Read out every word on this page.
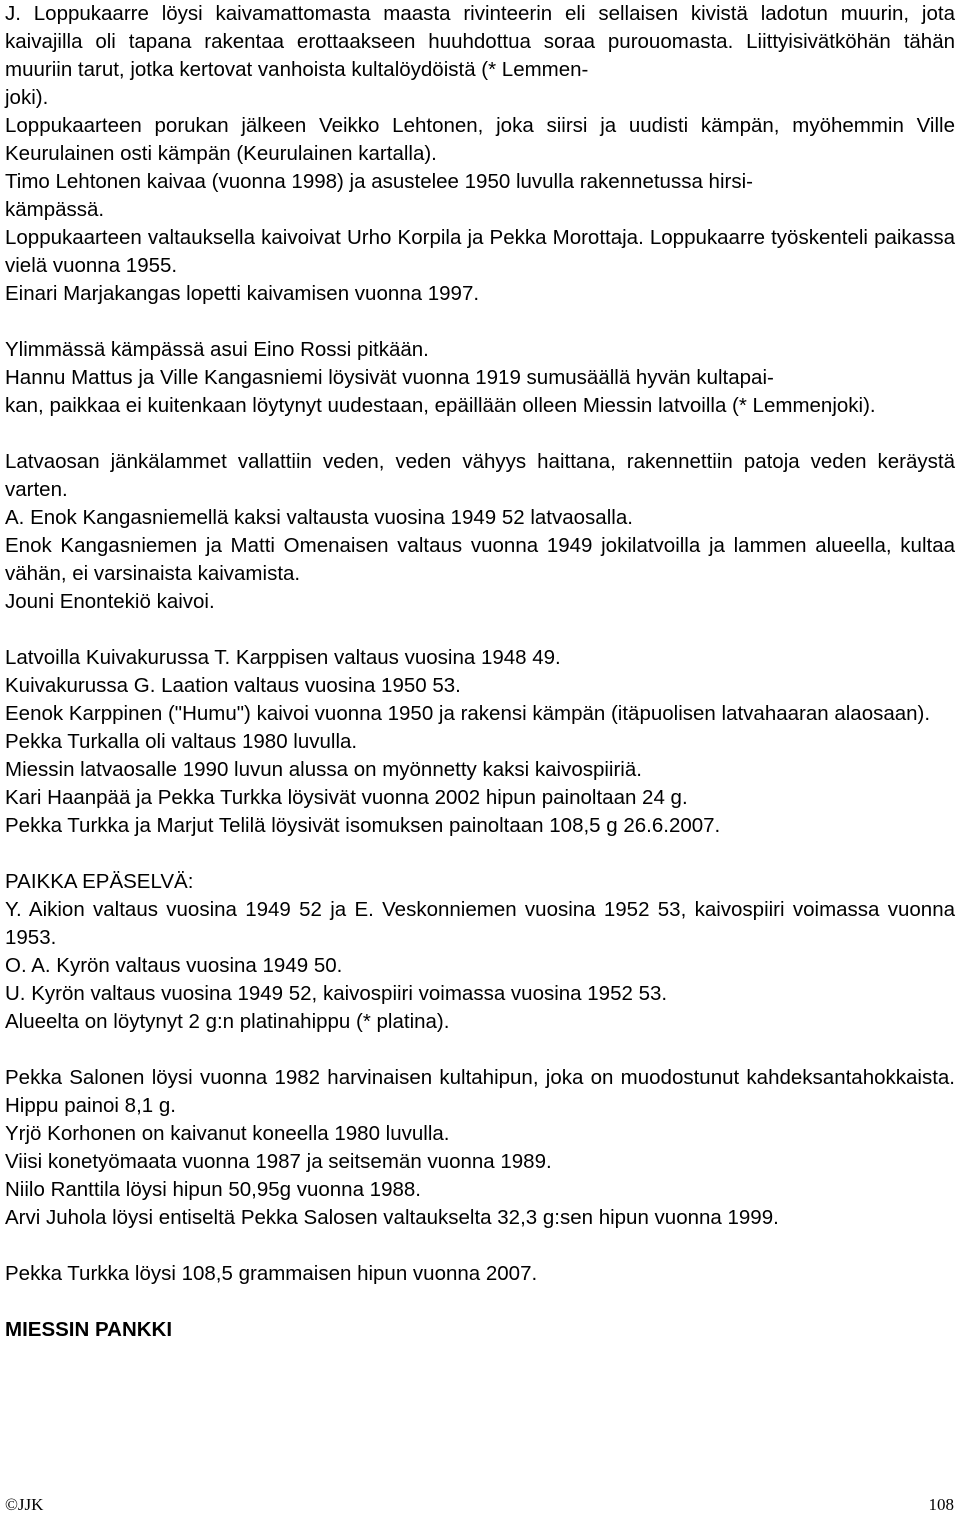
J. Loppukaarre löysi kaivamattomasta maasta rivinteerin eli sellaisen kivistä ladotun muurin, jota kaivajilla oli tapana rakentaa erottaakseen huuhdottua soraa purouomasta. Liittyisivätköhän tähän muuriin tarut, jotka kertovat vanhoista kultalöydöistä (* Lemmen-
joki).

Loppukaarteen porukan jälkeen Veikko Lehtonen, joka siirsi ja uudisti kämpän, myöhemmin Ville Keurulainen osti kämpän (Keurulainen kartalla).

Timo Lehtonen kaivaa (vuonna 1998) ja asustelee 1950 luvulla rakennetussa hirsi-
kämpässä.

Loppukaarteen valtauksella kaivoivat Urho Korpila ja Pekka Morottaja. Loppukaarre työskenteli paikassa vielä vuonna 1955.

Einari Marjakangas lopetti kaivamisen vuonna 1997.

Ylimmässä kämpässä asui Eino Rossi pitkään.

Hannu Mattus ja Ville Kangasniemi löysivät vuonna 1919 sumusäällä hyvän kultapai-
kan, paikkaa ei kuitenkaan löytynyt uudestaan, epäillään olleen Miessin latvoilla (* Lemmenjoki).

Latvaosan jänkälammet vallattiin veden, veden vähyys haittana, rakennettiin patoja veden keräystä varten.

A. Enok Kangasniemellä kaksi valtausta vuosina 1949 52 latvaosalla.

Enok Kangasniemen ja Matti Omenaisen valtaus vuonna 1949 jokilatvoilla ja lammen alueella, kultaa vähän, ei varsinaista kaivamista.

Jouni Enontekiö kaivoi.

Latvoilla Kuivakurussa T. Karppisen valtaus vuosina 1948 49.

Kuivakurussa G. Laation valtaus vuosina 1950 53.

Eenok Karppinen ("Humu") kaivoi vuonna 1950 ja rakensi kämpän (itäpuolisen latvahaaran alaosaan).

Pekka Turkalla oli valtaus 1980 luvulla.

Miessin latvaosalle 1990 luvun alussa on myönnetty kaksi kaivospiiriä.

Kari Haanpää ja Pekka Turkka löysivät vuonna 2002 hipun painoltaan 24 g.

Pekka Turkka ja Marjut Telilä löysivät isomuksen painoltaan 108,5 g 26.6.2007.

PAIKKA EPÄSELVÄ:

Y. Aikion valtaus vuosina 1949 52 ja E. Veskonniemen vuosina 1952 53, kaivospiiri voimassa vuonna 1953.

O. A. Kyrön valtaus vuosina 1949 50.

U. Kyrön valtaus vuosina 1949 52, kaivospiiri voimassa vuosina 1952 53.

Alueelta on löytynyt 2 g:n platinahippu (* platina).

Pekka Salonen löysi vuonna 1982 harvinaisen kultahipun, joka on muodostunut kahdeksantahokkaista. Hippu painoi 8,1 g.

Yrjö Korhonen on kaivanut koneella 1980 luvulla.

Viisi konetyömaata vuonna 1987 ja seitsemän vuonna 1989.

Niilo Ranttila löysi hipun 50,95g vuonna 1988.

Arvi Juhola löysi entiseltä Pekka Salosen valtaukselta 32,3 g:sen hipun vuonna 1999.

Pekka Turkka löysi 108,5 grammaisen hipun vuonna 2007.

MIESSIN PANKKI
©JJK	108
